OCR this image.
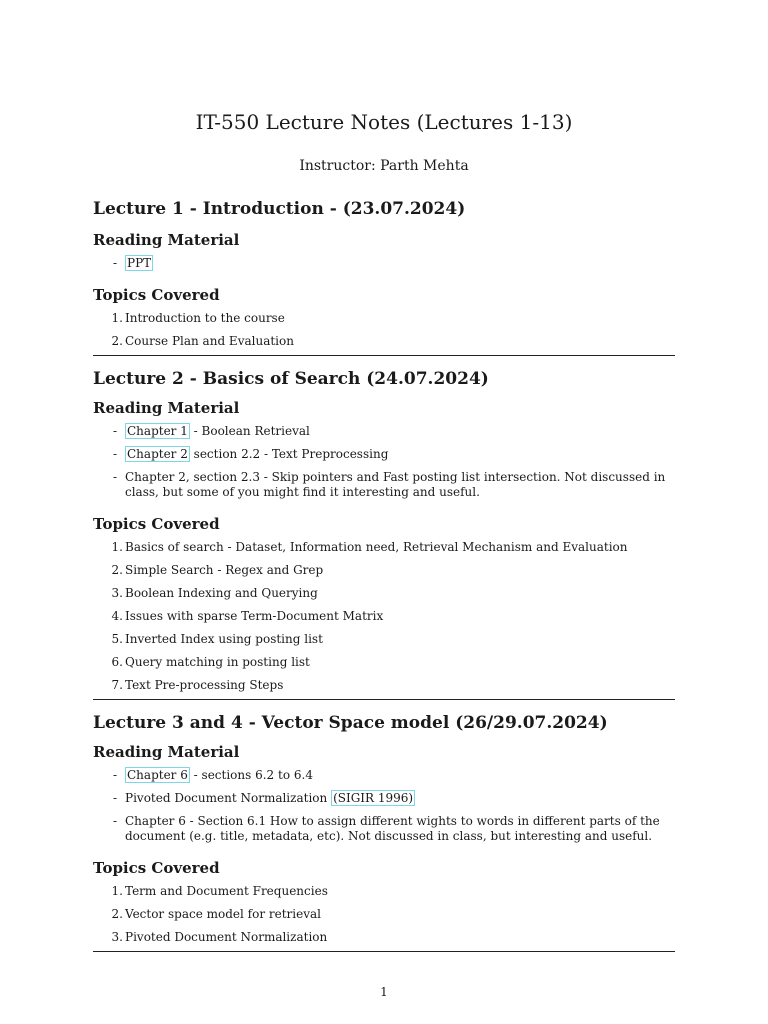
IT-550 Lecture Notes (Lectures 1-13)
Instructor: Parth Mehta
Lecture 1 - Introduction - (23.07.2024)
Reading Material
- PPT
Topics Covered
1. Introduction to the course
2. Course Plan and Evaluation
Lecture 2 - Basics of Search (24.07.2024)
Reading Material
- Chapter 1 - Boolean Retrieval
- Chapter 2 section 2.2 - Text Preprocessing
- Chapter 2, section 2.3 - Skip pointers and Fast posting list intersection. Not discussed in class, but some of you might find it interesting and useful.
Topics Covered
1. Basics of search - Dataset, Information need, Retrieval Mechanism and Evaluation
2. Simple Search - Regex and Grep
3. Boolean Indexing and Querying
4. Issues with sparse Term-Document Matrix
5. Inverted Index using posting list
6. Query matching in posting list
7. Text Pre-processing Steps
Lecture 3 and 4 - Vector Space model (26/29.07.2024)
Reading Material
- Chapter 6 - sections 6.2 to 6.4
- Pivoted Document Normalization (SIGIR 1996)
- Chapter 6 - Section 6.1 How to assign different wights to words in different parts of the document (e.g. title, metadata, etc). Not discussed in class, but interesting and useful.
Topics Covered
1. Term and Document Frequencies
2. Vector space model for retrieval
3. Pivoted Document Normalization
1
